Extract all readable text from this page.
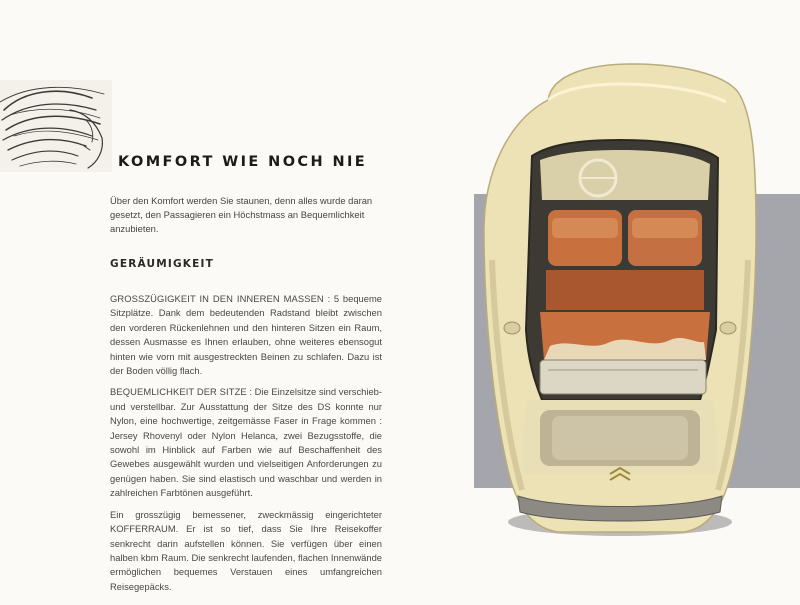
KOMFORT WIE NOCH NIE
Über den Komfort werden Sie staunen, denn alles wurde daran gesetzt, den Passagieren ein Höchstmass an Bequemlichkeit anzubieten.
GERÄUMIGKEIT

GROSSZÜGIGKEIT IN DEN INNEREN MASSEN : 5 bequeme Sitzplätze. Dank dem bedeutenden Radstand bleibt zwischen den vorderen Rückenlehnen und den hinteren Sitzen ein Raum, dessen Ausmasse es Ihnen erlauben, ohne weiteres ebensogut hinten wie vorn mit ausgestreckten Beinen zu schlafen. Dazu ist der Boden völlig flach.

BEQUEMLICHKEIT DER SITZE : Die Einzelsitze sind verschieb- und verstellbar. Zur Ausstattung der Sitze des DS konnte nur Nylon, eine hochwertige, zeitgemässe Faser in Frage kommen : Jersey Rhovenyl oder Nylon Helanca, zwei Bezugsstoffe, die sowohl im Hinblick auf Farben wie auf Beschaffenheit des Gewebes ausgewählt wurden und vielseitigen Anforderungen zu genügen haben. Sie sind elastisch und waschbar und werden in zahlreichen Farbtönen ausgeführt.

Ein grosszügig bemessener, zweckmässig eingerichteter KOFFERRAUM. Er ist so tief, dass Sie Ihre Reisekoffer senkrecht darin aufstellen können. Sie verfügen über einen halben kbm Raum. Die senkrecht laufenden, flachen Innenwände ermöglichen bequemes Verstauen eines umfangreichen Reisegepäcks.
